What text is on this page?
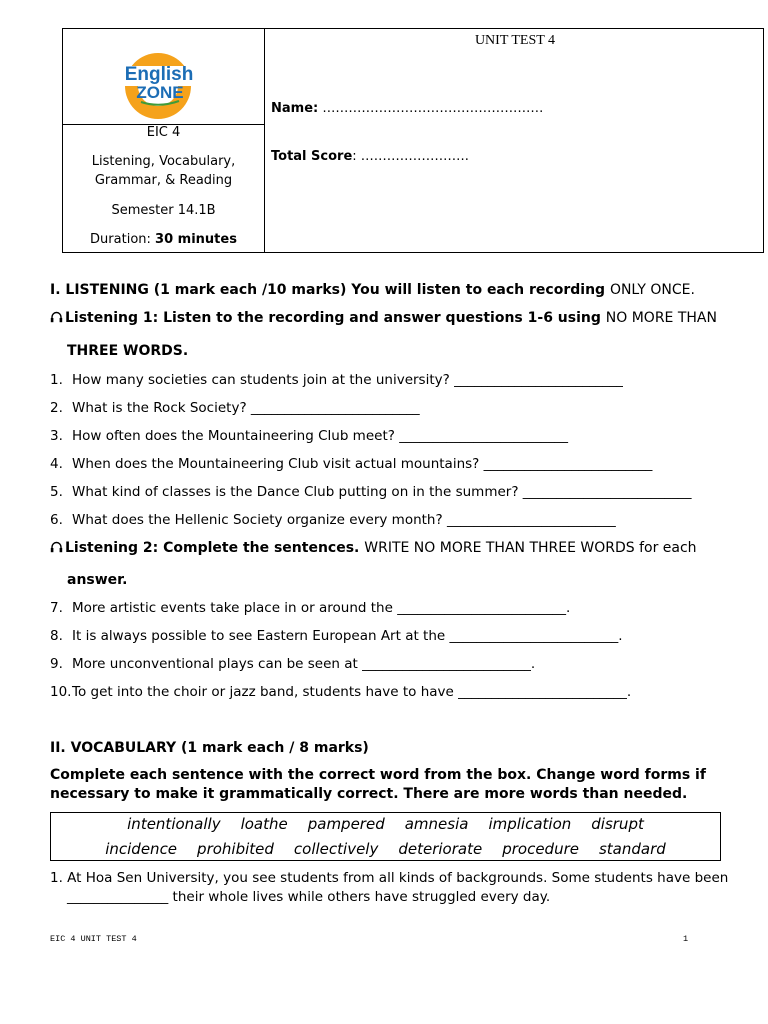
English
ZONE
EIC 4
Listening, Vocabulary,
Grammar, & Reading
Semester 14.1B
Duration: 30 minutes
UNIT TEST 4
Name: ……………………………………………
Total Score: …………………….
I. LISTENING (1 mark each /10 marks) You will listen to each recording ONLY ONCE.
Listening 1: Listen to the recording and answer questions 1-6 using NO MORE THAN
THREE WORDS.
1. How many societies can students join at the university? _________________________
2. What is the Rock Society? _________________________
3. How often does the Mountaineering Club meet? _________________________
4. When does the Mountaineering Club visit actual mountains? _________________________
5. What kind of classes is the Dance Club putting on in the summer? _________________________
6. What does the Hellenic Society organize every month? _________________________
Listening 2: Complete the sentences. WRITE NO MORE THAN THREE WORDS for each
answer.
7. More artistic events take place in or around the _________________________.
8. It is always possible to see Eastern European Art at the _________________________.
9. More unconventional plays can be seen at _________________________.
10.To get into the choir or jazz band, students have to have _________________________.
II. VOCABULARY (1 mark each / 8 marks)
Complete each sentence with the correct word from the box. Change word forms if
necessary to make it grammatically correct. There are more words than needed.
intentionally loathe pampered amnesia implication disrupt
incidence prohibited collectively deteriorate procedure standard
1. At Hoa Sen University, you see students from all kinds of backgrounds. Some students have been
_______________ their whole lives while others have struggled every day.
EIC 4 UNIT TEST 4	1
